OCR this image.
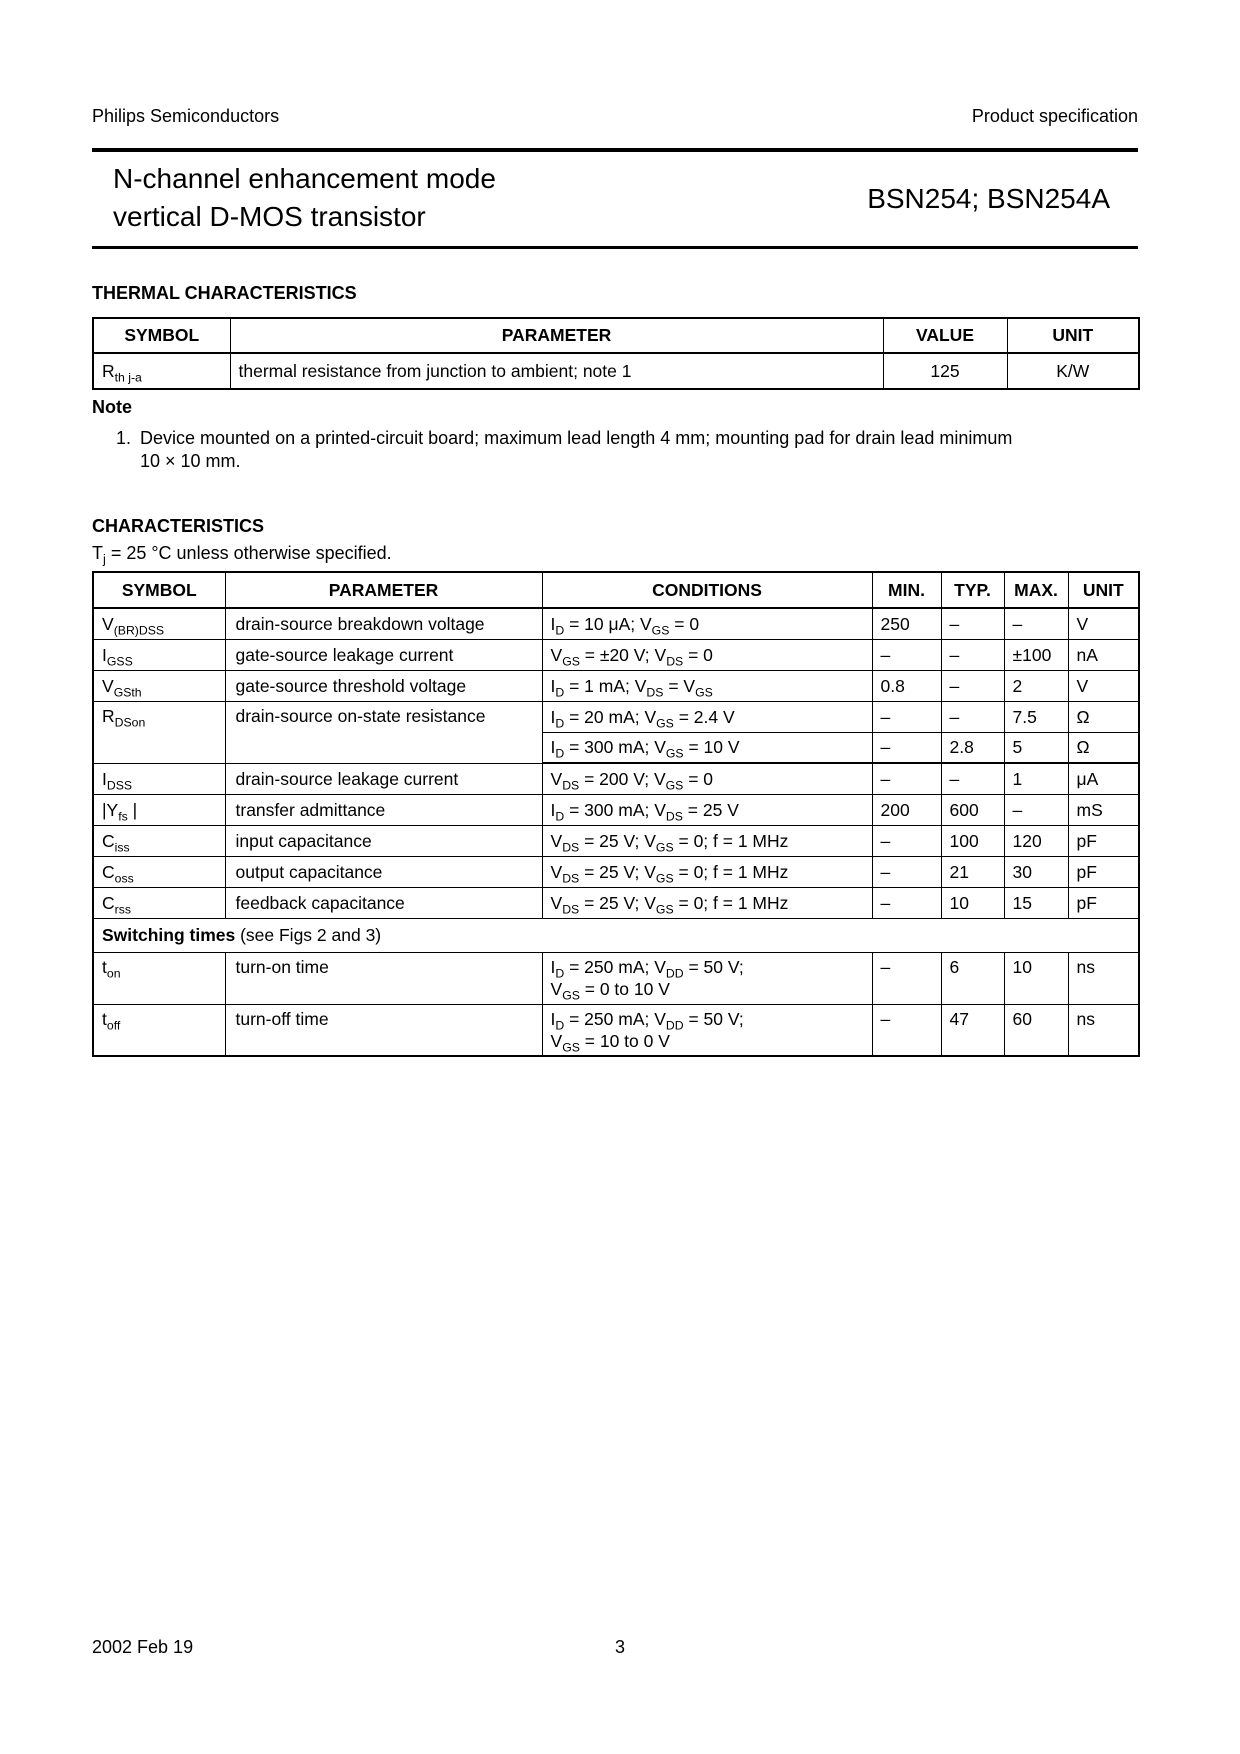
Philips Semiconductors	Product specification
N-channel enhancement mode
vertical D-MOS transistor
BSN254; BSN254A
THERMAL CHARACTERISTICS
SYMBOL	PARAMETER	VALUE	UNIT
$R_{th j-a}$	thermal resistance from junction to ambient; note 1	125	K/W
Note
1. Device mounted on a printed-circuit board; maximum lead length 4 mm; mounting pad for drain lead minimum
10 × 10 mm.
CHARACTERISTICS
$T_j = 25$ °C unless otherwise specified.
SYMBOL	PARAMETER	CONDITIONS	MIN.	TYP.	MAX.	UNIT
$V_{(BR)DSS}$	drain-source breakdown voltage	$I_D = 10$ μA; $V_{GS} = 0$	250	–	–	V
$I_{GSS}$	gate-source leakage current	$V_{GS} = \pm 20$ V; $V_{DS} = 0$	–	–	±100	nA
$V_{GSth}$	gate-source threshold voltage	$I_D = 1$ mA; $V_{DS} = V_{GS}$	0.8	–	2	V
$R_{DSon}$	drain-source on-state resistance	$I_D = 20$ mA; $V_{GS} = 2.4$ V	–	–	7.5	Ω
		$I_D = 300$ mA; $V_{GS} = 10$ V	–	2.8	5	Ω
$I_{DSS}$	drain-source leakage current	$V_{DS} = 200$ V; $V_{GS} = 0$	–	–	1	μA
$|Y_{fs}$ |	transfer admittance	$I_D = 300$ mA; $V_{DS} = 25$ V	200	600	–	mS
$C_{iss}$	input capacitance	$V_{DS} = 25$ V; $V_{GS} = 0$; f = 1 MHz	–	100	120	pF
$C_{oss}$	output capacitance	$V_{DS} = 25$ V; $V_{GS} = 0$; f = 1 MHz	–	21	30	pF
$C_{rss}$	feedback capacitance	$V_{DS} = 25$ V; $V_{GS} = 0$; f = 1 MHz	–	10	15	pF
Switching times (see Figs 2 and 3)						
$t_{on}$	turn-on time	$I_D = 250$ mA; $V_{DD} = 50$ V;
$V_{GS} = 0$ to 10 V	–	6	10	ns
$t_{off}$	turn-off time	$I_D = 250$ mA; $V_{DD} = 50$ V;
$V_{GS} = 10$ to 0 V	–	47	60	ns
2002 Feb 19	3
